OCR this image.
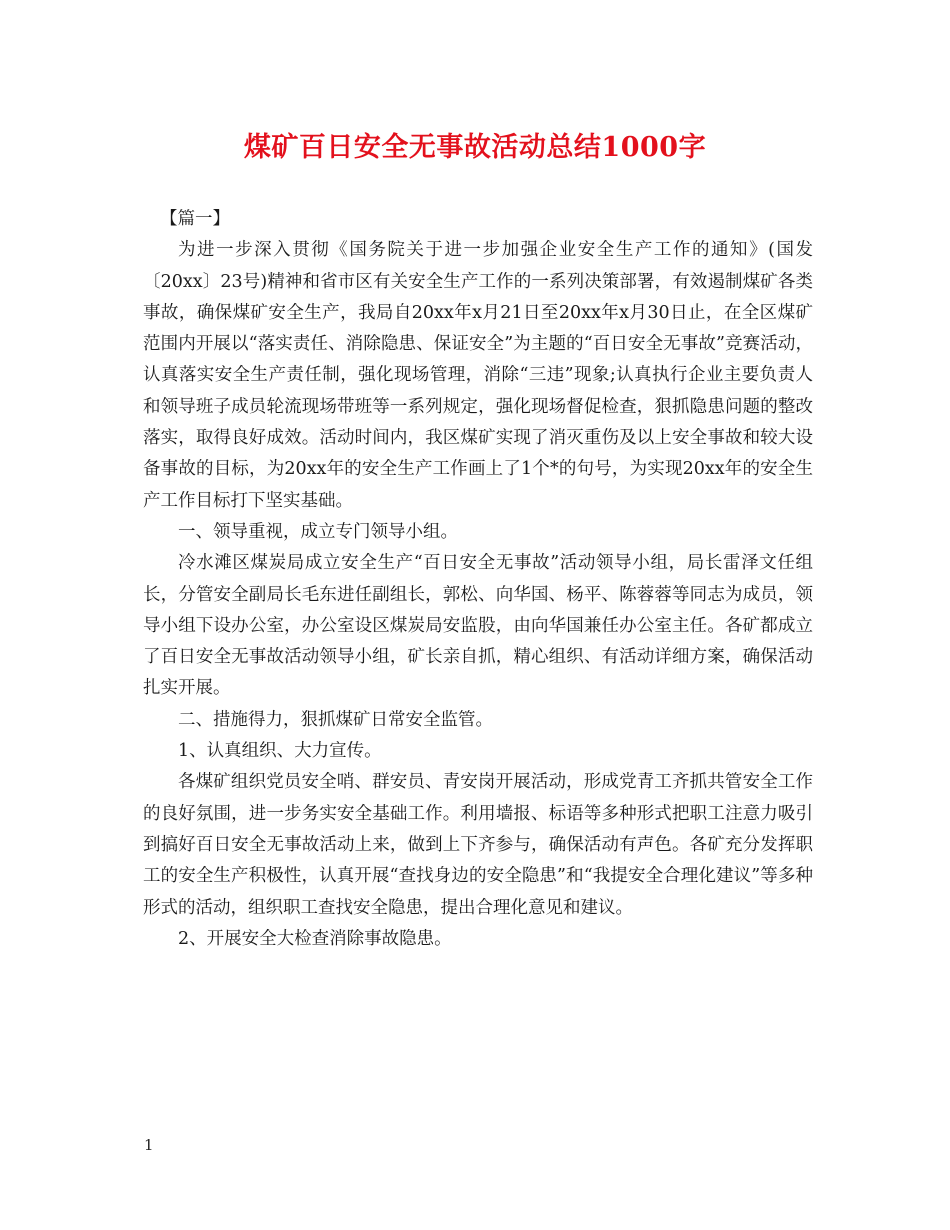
煤矿百日安全无事故活动总结1000字

【篇一】

为进一步深入贯彻《国务院关于进一步加强企业安全生产工作的通知》(国发〔20xx〕23号)精神和省市区有关安全生产工作的一系列决策部署，有效遏制煤矿各类事故，确保煤矿安全生产，我局自20xx年x月21日至20xx年x月30日止，在全区煤矿范围内开展以“落实责任、消除隐患、保证安全”为主题的“百日安全无事故”竞赛活动，认真落实安全生产责任制，强化现场管理，消除“三违”现象;认真执行企业主要负责人和领导班子成员轮流现场带班等一系列规定，强化现场督促检查，狠抓隐患问题的整改落实，取得良好成效。活动时间内，我区煤矿实现了消灭重伤及以上安全事故和较大设备事故的目标，为20xx年的安全生产工作画上了1个*的句号，为实现20xx年的安全生产工作目标打下坚实基础。

一、领导重视，成立专门领导小组。

冷水滩区煤炭局成立安全生产“百日安全无事故”活动领导小组，局长雷泽文任组长，分管安全副局长毛东进任副组长，郭松、向华国、杨平、陈蓉蓉等同志为成员，领导小组下设办公室，办公室设区煤炭局安监股，由向华国兼任办公室主任。各矿都成立了百日安全无事故活动领导小组，矿长亲自抓，精心组织、有活动详细方案，确保活动扎实开展。

二、措施得力，狠抓煤矿日常安全监管。

1、认真组织、大力宣传。

各煤矿组织党员安全哨、群安员、青安岗开展活动，形成党青工齐抓共管安全工作的良好氛围，进一步务实安全基础工作。利用墙报、标语等多种形式把职工注意力吸引到搞好百日安全无事故活动上来，做到上下齐参与，确保活动有声色。各矿充分发挥职工的安全生产积极性，认真开展“查找身边的安全隐患”和“我提安全合理化建议”等多种形式的活动，组织职工查找安全隐患，提出合理化意见和建议。

2、开展安全大检查消除事故隐患。

1
